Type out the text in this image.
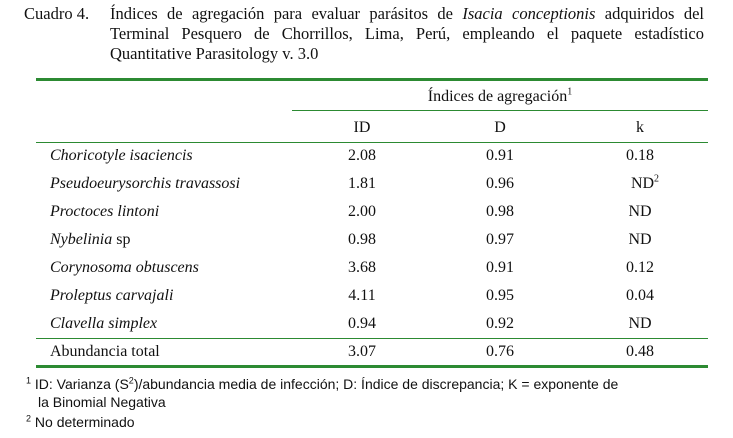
Cuadro 4. Índices de agregación para evaluar parásitos de Isacia conceptionis adquiridos del Terminal Pesquero de Chorrillos, Lima, Perú, empleando el paquete estadístico Quantitative Parasitology v. 3.0
Índices de agregación$^1$
ID	D	k
Choricotyle isaciencis	2.08	0.91	0.18
Pseudoeurysorchis travassosi	1.81	0.96	$ND^2$
Proctoces lintoni	2.00	0.98	ND
Nybelinia sp	0.98	0.97	ND
Corynosoma obtuscens	3.68	0.91	0.12
Proleptus carvajali	4.11	0.95	0.04
Clavella simplex	0.94	0.92	ND
Abundancia total	3.07	0.76	0.48
$^1$ ID: Varianza $(S^2)$/abundancia media de infección; D: Índice de discrepancia; K = exponente de
la Binomial Negativa
$^2$ No determinado
